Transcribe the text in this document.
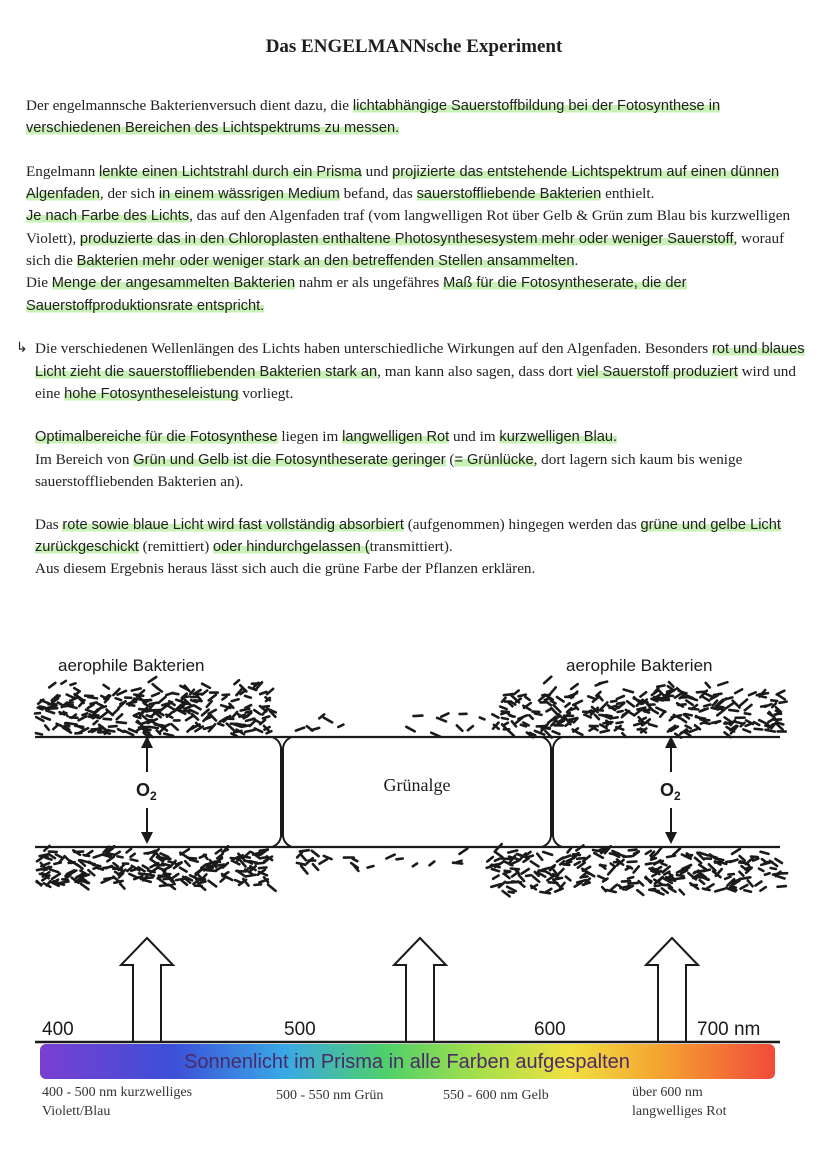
Das ENGELMANNsche Experiment

Der engelmannsche Bakterienversuch dient dazu, die lichtabhängige Sauerstoffbildung bei der Fotosynthese in verschiedenen Bereichen des Lichtspektrums zu messen.

Engelmann lenkte einen Lichtstrahl durch ein Prisma und projizierte das entstehende Lichtspektrum auf einen dünnen Algenfaden, der sich in einem wässrigen Medium befand, das sauerstoffliebende Bakterien enthielt.

Je nach Farbe des Lichts, das auf den Algenfaden traf (vom langwelligen Rot über Gelb & Grün zum Blau bis kurzwelligen Violett), produzierte das in den Chloroplasten enthaltene Photosynthesesystem mehr oder weniger Sauerstoff, worauf sich die Bakterien mehr oder weniger stark an den betreffenden Stellen ansammelten.

Die Menge der angesammelten Bakterien nahm er als ungefähres Maß für die Fotosyntheserate, die der Sauerstoffproduktionsrate entspricht.

↳ Die verschiedenen Wellenlängen des Lichts haben unterschiedliche Wirkungen auf den Algenfaden. Besonders rot und blaues Licht zieht die sauerstoffliebenden Bakterien stark an, man kann also sagen, dass dort viel Sauerstoff produziert wird und eine hohe Fotosyntheseleistung vorliegt.

Optimalbereiche für die Fotosynthese liegen im langwelligen Rot und im kurzwelligen Blau.

Im Bereich von Grün und Gelb ist die Fotosyntheserate geringer (= Grünlücke, dort lagern sich kaum bis wenige sauerstoffliebenden Bakterien an).

Das rote sowie blaue Licht wird fast vollständig absorbiert (aufgenommen) hingegen werden das grüne und gelbe Licht zurückgeschickt (remittiert) oder hindurchgelassen (transmittiert).

Aus diesem Ergebnis heraus lässt sich auch die grüne Farbe der Pflanzen erklären.

aerophile Bakterien	aerophile Bakterien
Grünalge
$O_2$	$O_2$
400	500	600	700 nm
Sonnenlicht im Prisma in alle Farben aufgespalten
400 - 500 nm kurzwelliges
Violett/Blau
500 - 550 nm Grün	550 - 600 nm Gelb	über 600 nm
langwelliges Rot
